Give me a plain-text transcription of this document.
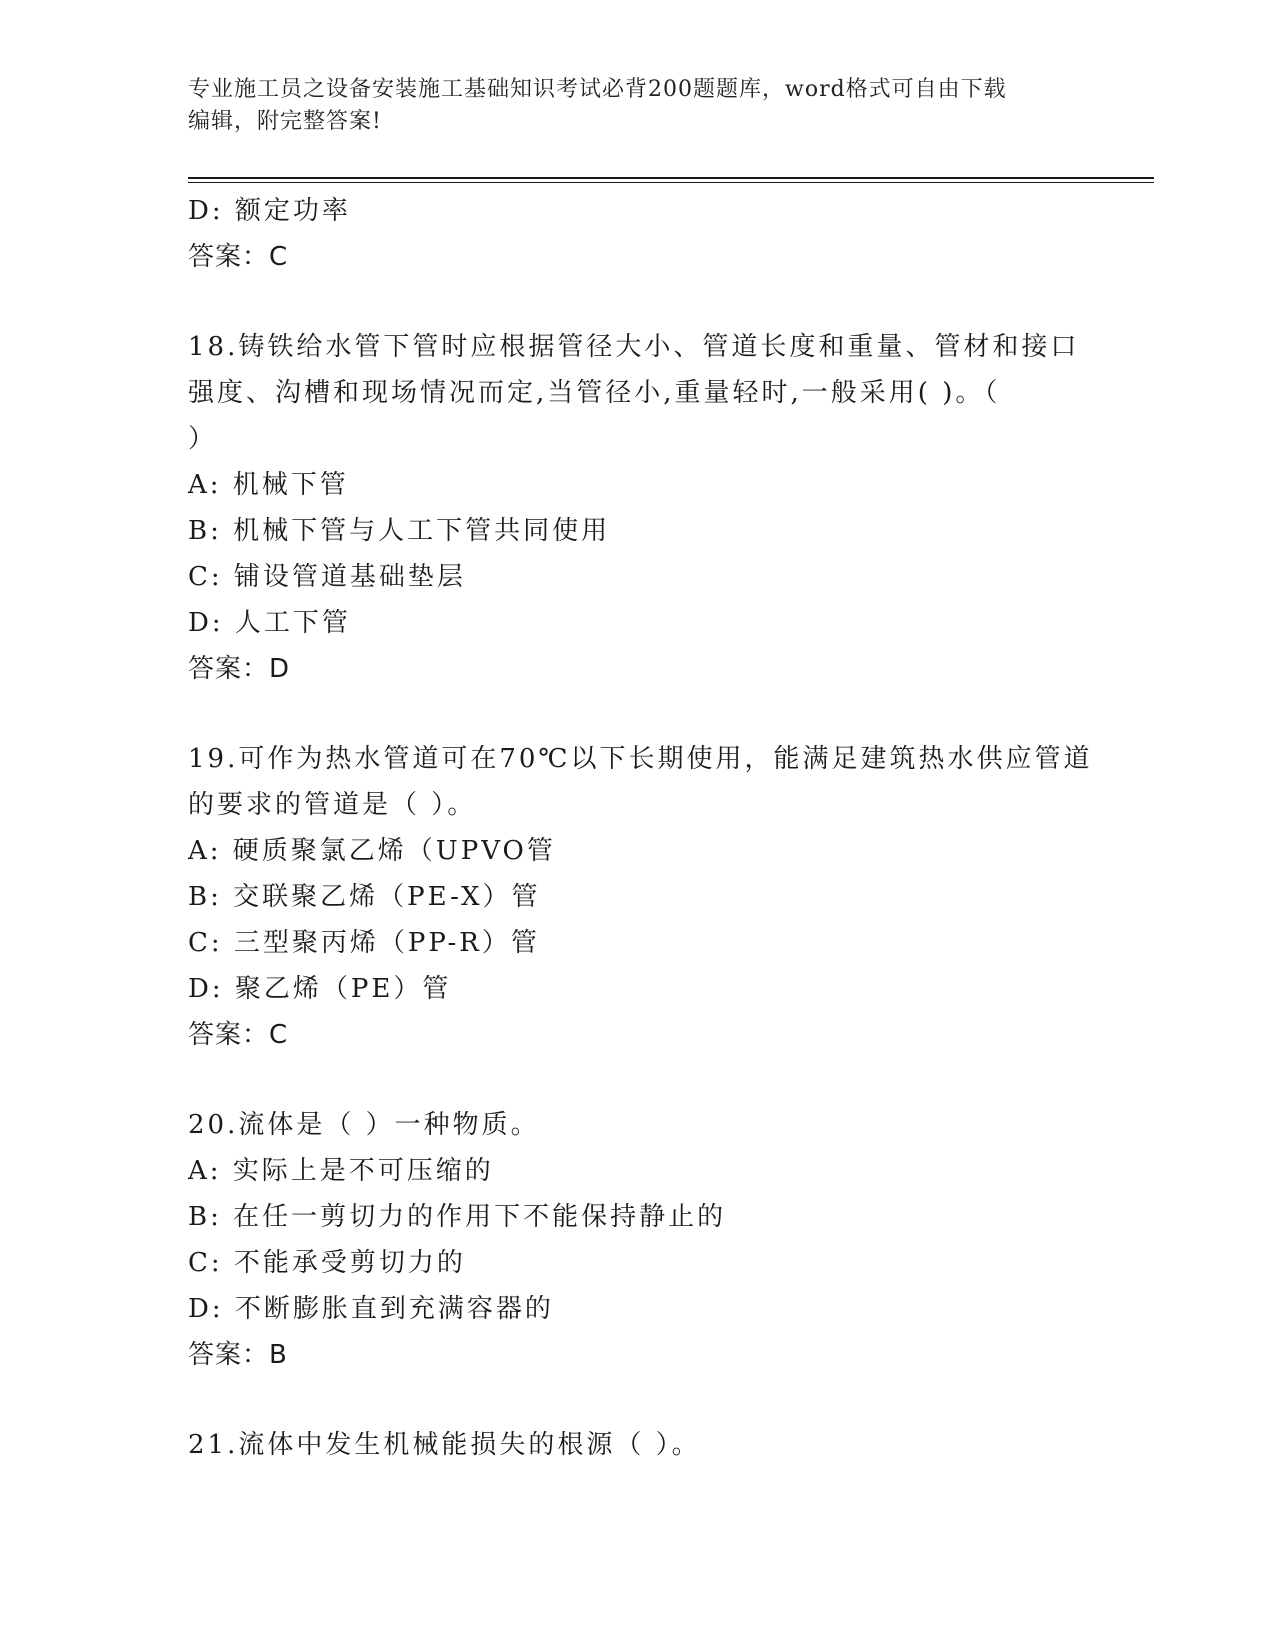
专业施工员之设备安装施工基础知识考试必背200题题库，word格式可自由下载
编辑，附完整答案!
D: 额定功率
答案：C
18.铸铁给水管下管时应根据管径大小、管道长度和重量、管材和接口
强度、沟槽和现场情况而定,当管径小,重量轻时,一般采用( )。（
）
A: 机械下管
B: 机械下管与人工下管共同使用
C: 铺设管道基础垫层
D: 人工下管
答案：D
19.可作为热水管道可在70℃以下长期使用，能满足建筑热水供应管道
的要求的管道是（ ）。
A: 硬质聚氯乙烯（UPVO管
B: 交联聚乙烯（PE-X）管
C: 三型聚丙烯（PP-R）管
D: 聚乙烯（PE）管
答案：C
20.流体是（ ）一种物质。
A: 实际上是不可压缩的
B: 在任一剪切力的作用下不能保持静止的
C: 不能承受剪切力的
D: 不断膨胀直到充满容器的
答案：B
21.流体中发生机械能损失的根源（ ）。
